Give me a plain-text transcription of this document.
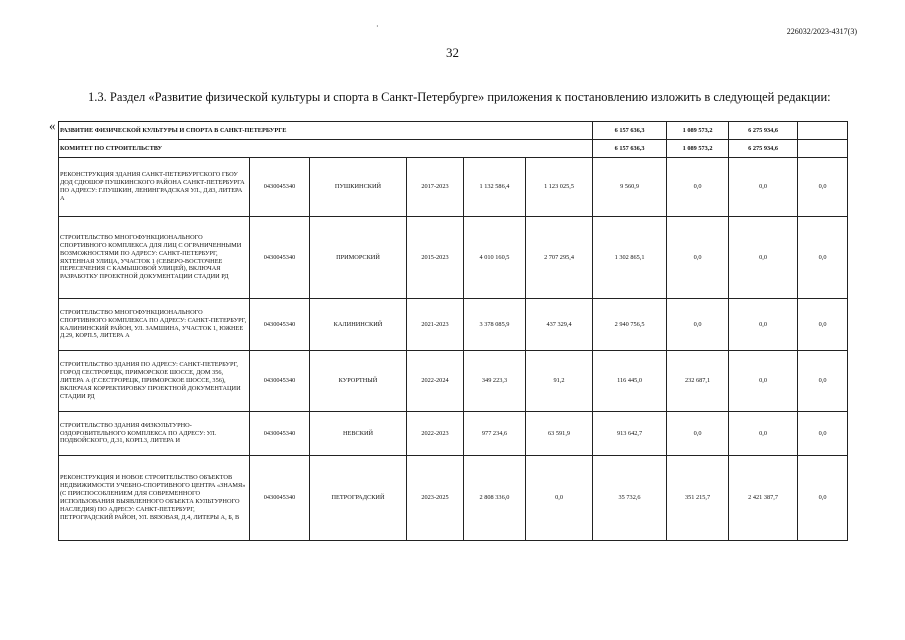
226032/2023-4317(3)
·
32
1.3. Раздел «Развитие физической культуры и спорта в Санкт-Петербурге» приложения к постановлению изложить в следующей редакции:
« РАЗВИТИЕ ФИЗИЧЕСКОЙ КУЛЬТУРЫ И СПОРТА В САНКТ-ПЕТЕРБУРГЕ						6 157 636,3	1 089 573,2	6 275 934,6	
КОМИТЕТ ПО СТРОИТЕЛЬСТВУ						6 157 636,3	1 089 573,2	6 275 934,6	
РЕКОНСТРУКЦИЯ ЗДАНИЯ САНКТ-ПЕТЕРБУРГСКОГО ГБОУ ДОД СДЮШОР ПУШКИНСКОГО РАЙОНА САНКТ-ПЕТЕРБУРГА ПО АДРЕСУ: Г.ПУШКИН, ЛЕНИНГРАДСКАЯ УЛ., Д.83, ЛИТЕРА А	0430045340	ПУШКИНСКИЙ	2017-2023	1 132 586,4	1 123 025,5	9 560,9	0,0	0,0	0,0
СТРОИТЕЛЬСТВО МНОГОФУНКЦИОНАЛЬНОГО СПОРТИВНОГО КОМПЛЕКСА ДЛЯ ЛИЦ С ОГРАНИЧЕННЫМИ ВОЗМОЖНОСТЯМИ ПО АДРЕСУ: САНКТ-ПЕТЕРБУРГ, ЯХТЕННАЯ УЛИЦА, УЧАСТОК 1 (СЕВЕРО-ВОСТОЧНЕЕ ПЕРЕСЕЧЕНИЯ С КАМЫШОВОЙ УЛИЦЕЙ), ВКЛЮЧАЯ РАЗРАБОТКУ ПРОЕКТНОЙ ДОКУМЕНТАЦИИ СТАДИИ РД	0430045340	ПРИМОРСКИЙ	2015-2023	4 010 160,5	2 707 295,4	1 302 865,1	0,0	0,0	0,0
СТРОИТЕЛЬСТВО МНОГОФУНКЦИОНАЛЬНОГО СПОРТИВНОГО КОМПЛЕКСА ПО АДРЕСУ: САНКТ-ПЕТЕРБУРГ, КАЛИНИНСКИЙ РАЙОН, УЛ. ЗАМШИНА, УЧАСТОК 1, ЮЖНЕЕ Д.29, КОРП.5, ЛИТЕРА А	0430045340	КАЛИНИНСКИЙ	2021-2023	3 378 085,9	437 329,4	2 940 756,5	0,0	0,0	0,0
СТРОИТЕЛЬСТВО ЗДАНИЯ ПО АДРЕСУ: САНКТ-ПЕТЕРБУРГ, ГОРОД СЕСТРОРЕЦК, ПРИМОРСКОЕ ШОССЕ, ДОМ 356, ЛИТЕРА А (Г.СЕСТРОРЕЦК, ПРИМОРСКОЕ ШОССЕ, 356), ВКЛЮЧАЯ КОРРЕКТИРОВКУ ПРОЕКТНОЙ ДОКУМЕНТАЦИИ СТАДИИ РД	0430045340	КУРОРТНЫЙ	2022-2024	349 223,3	91,2	116 445,0	232 687,1	0,0	0,0
СТРОИТЕЛЬСТВО ЗДАНИЯ ФИЗКУЛЬТУРНО-ОЗДОРОВИТЕЛЬНОГО КОМПЛЕКСА ПО АДРЕСУ: УЛ. ПОДВОЙСКОГО, Д.31, КОРП.3, ЛИТЕРА И	0430045340	НЕВСКИЙ	2022-2023	977 234,6	63 591,9	913 642,7	0,0	0,0	0,0
РЕКОНСТРУКЦИЯ И НОВОЕ СТРОИТЕЛЬСТВО ОБЪЕКТОВ НЕДВИЖИМОСТИ УЧЕБНО-СПОРТИВНОГО ЦЕНТРА «ЗНАМЯ» (С ПРИСПОСОБЛЕНИЕМ ДЛЯ СОВРЕМЕННОГО ИСПОЛЬЗОВАНИЯ ВЫЯВЛЕННОГО ОБЪЕКТА КУЛЬТУРНОГО НАСЛЕДИЯ) ПО АДРЕСУ: САНКТ-ПЕТЕРБУРГ, ПЕТРОГРАДСКИЙ РАЙОН, УЛ. ВЯЗОВАЯ, Д.4, ЛИТЕРЫ А, Б, В	0430045340	ПЕТРОГРАДСКИЙ	2023-2025	2 808 336,0	0,0	35 732,6	351 215,7	2 421 387,7	0,0
